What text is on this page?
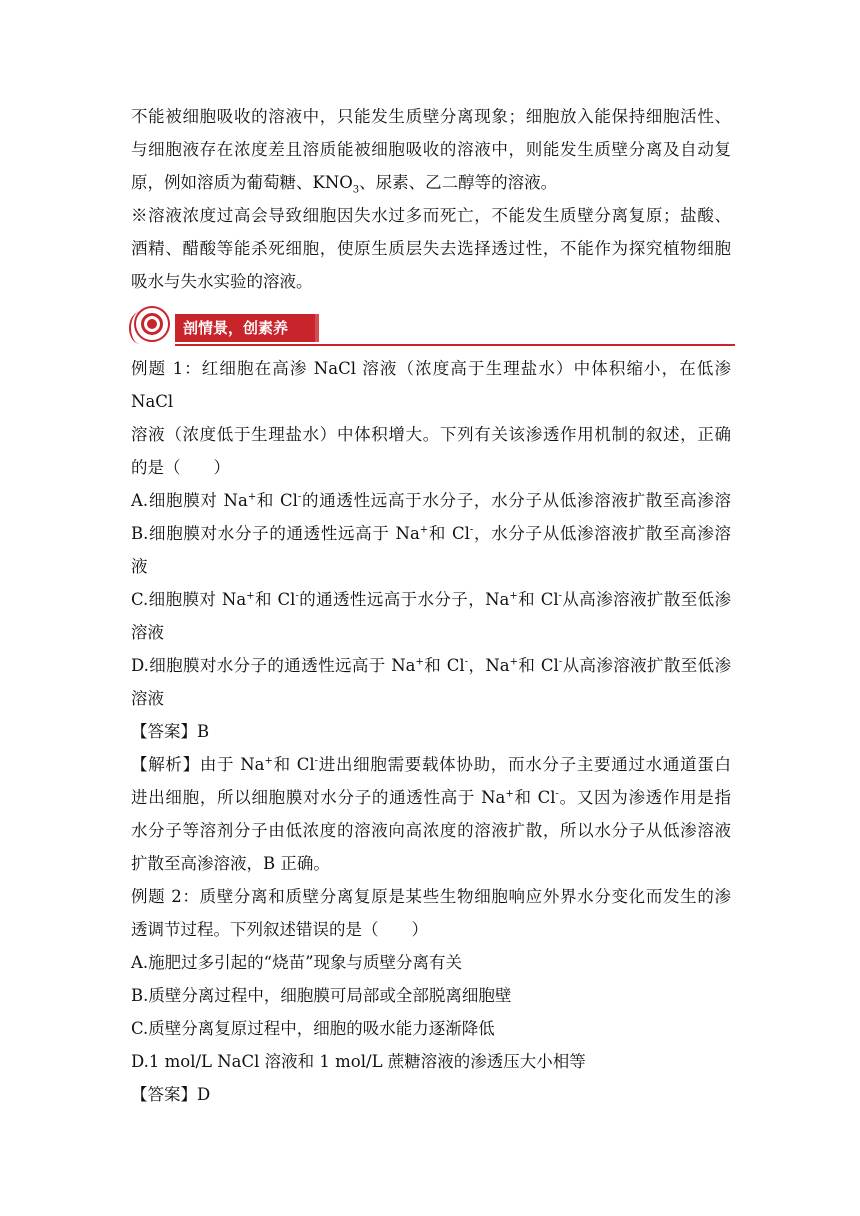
不能被细胞吸收的溶液中，只能发生质壁分离现象；细胞放入能保持细胞活性、

与细胞液存在浓度差且溶质能被细胞吸收的溶液中，则能发生质壁分离及自动复

原，例如溶质为葡萄糖、$KNO_3$、尿素、乙二醇等的溶液。

※溶液浓度过高会导致细胞因失水过多而死亡，不能发生质壁分离复原；盐酸、

酒精、醋酸等能杀死细胞，使原生质层失去选择透过性，不能作为探究植物细胞

吸水与失水实验的溶液。

剖情景，创素养

例题 1：红细胞在高渗 NaCl 溶液（浓度高于生理盐水）中体积缩小，在低渗 NaCl

溶液（浓度低于生理盐水）中体积增大。下列有关该渗透作用机制的叙述，正确

的是（　　）

A.细胞膜对 Na+和 Cl-的通透性远高于水分子，水分子从低渗溶液扩散至高渗溶

B.细胞膜对水分子的通透性远高于 Na+和 Cl-，水分子从低渗溶液扩散至高渗溶

液

C.细胞膜对 Na+和 Cl-的通透性远高于水分子，Na+和 Cl-从高渗溶液扩散至低渗

溶液

D.细胞膜对水分子的通透性远高于 Na+和 Cl-，Na+和 Cl-从高渗溶液扩散至低渗

溶液

【答案】B

【解析】由于 Na+和 Cl-进出细胞需要载体协助，而水分子主要通过水通道蛋白

进出细胞，所以细胞膜对水分子的通透性高于 Na+和 Cl-。又因为渗透作用是指

水分子等溶剂分子由低浓度的溶液向高浓度的溶液扩散，所以水分子从低渗溶液

扩散至高渗溶液，B 正确。

例题 2：质壁分离和质壁分离复原是某些生物细胞响应外界水分变化而发生的渗

透调节过程。下列叙述错误的是（　　）

A.施肥过多引起的“烧苗”现象与质壁分离有关

B.质壁分离过程中，细胞膜可局部或全部脱离细胞壁

C.质壁分离复原过程中，细胞的吸水能力逐渐降低

D.1 mol/L NaCl 溶液和 1 mol/L 蔗糖溶液的渗透压大小相等

【答案】D
